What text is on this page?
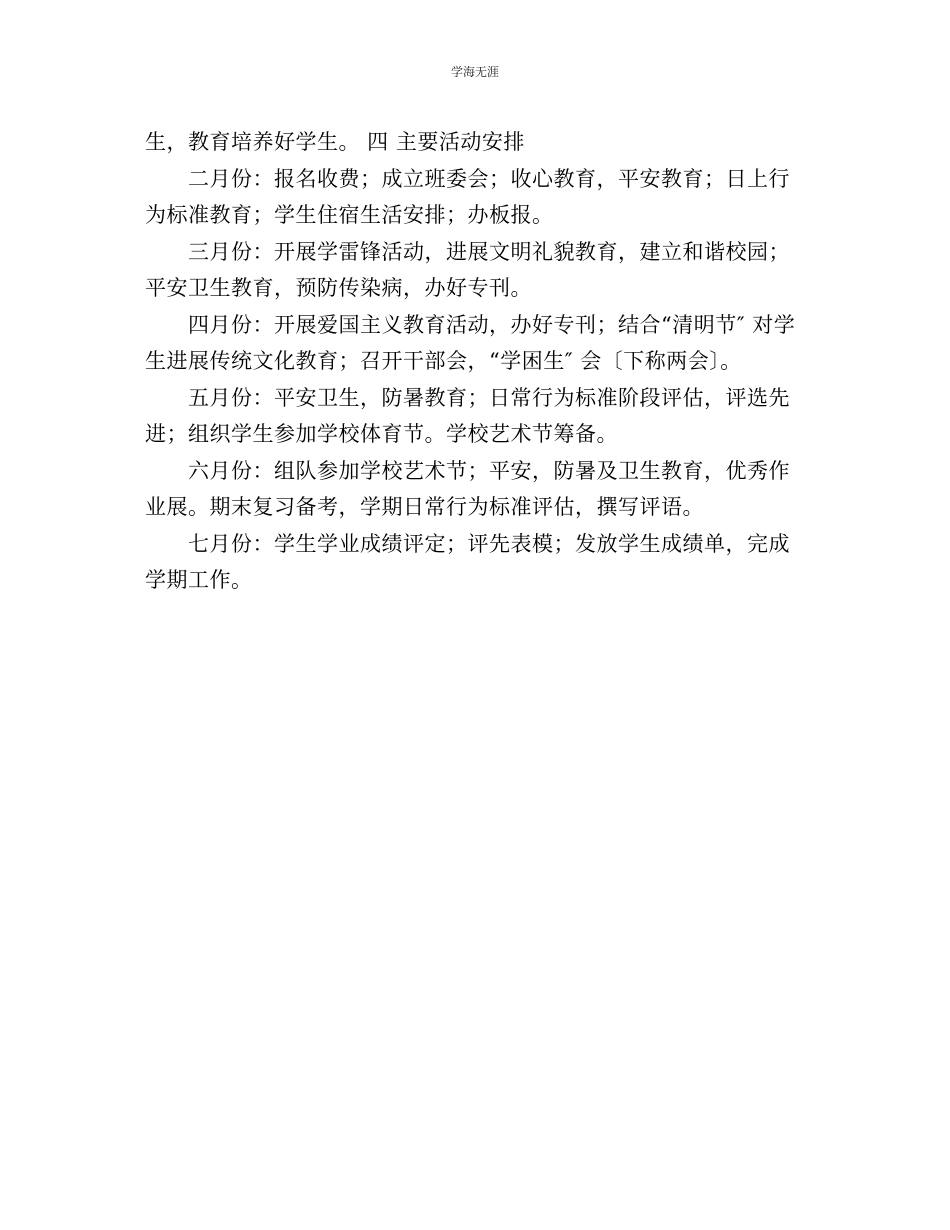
学海无涯
生，教育培养好学生。 四 主要活动安排
二月份：报名收费；成立班委会；收心教育，平安教育；日上行
为标准教育；学生住宿生活安排；办板报。
三月份：开展学雷锋活动，进展文明礼貌教育，建立和谐校园；
平安卫生教育，预防传染病，办好专刊。
四月份：开展爱国主义教育活动，办好专刊；结合“清明节″ 对学
生进展传统文化教育；召开干部会，“学困生″ 会〔下称两会〕。
五月份：平安卫生，防暑教育；日常行为标准阶段评估，评选先
进；组织学生参加学校体育节。学校艺术节筹备。
六月份：组队参加学校艺术节；平安，防暑及卫生教育，优秀作
业展。期末复习备考，学期日常行为标准评估，撰写评语。
七月份：学生学业成绩评定；评先表模；发放学生成绩单，完成
学期工作。
